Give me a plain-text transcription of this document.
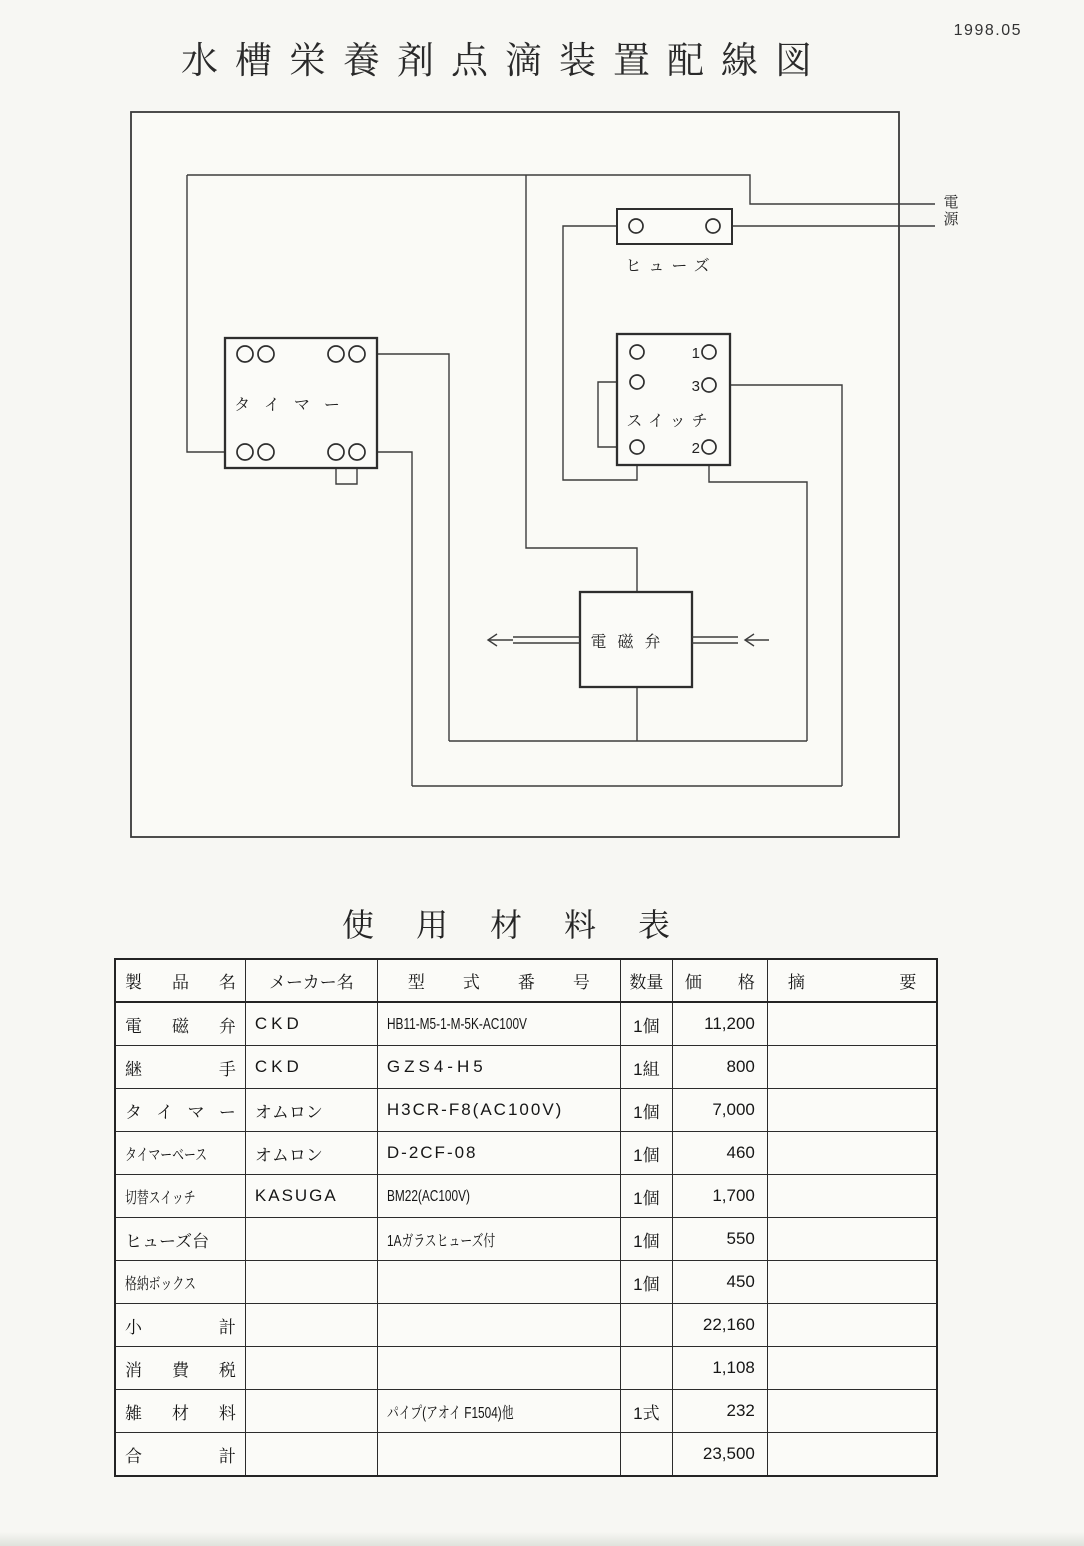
水槽栄養剤点滴装置配線図
1998.05
ヒューズ
電源
タイマー
1
3
2
スイッチ
電磁弁
使用材料表
製品名	メーカー名	型式番号	数量	価格	摘要
電磁弁	CKD	HB11-M5-1-M-5K-AC100V	1個	11,200	
継手	CKD	GZS4-H5	1組	800	
タイマー	オムロン	H3CR-F8(AC100V)	1個	7,000	
タイマーベース	オムロン	D-2CF-08	1個	460	
切替スイッチ	KASUGA	BM22(AC100V)	1個	1,700	
ヒューズ台		1Aガラスヒューズ付	1個	550	
格納ボックス			1個	450	
小計				22,160	
消費税				1,108	
雑材料		パイプ(アオイ F1504)他	1式	232	
合計				23,500	
